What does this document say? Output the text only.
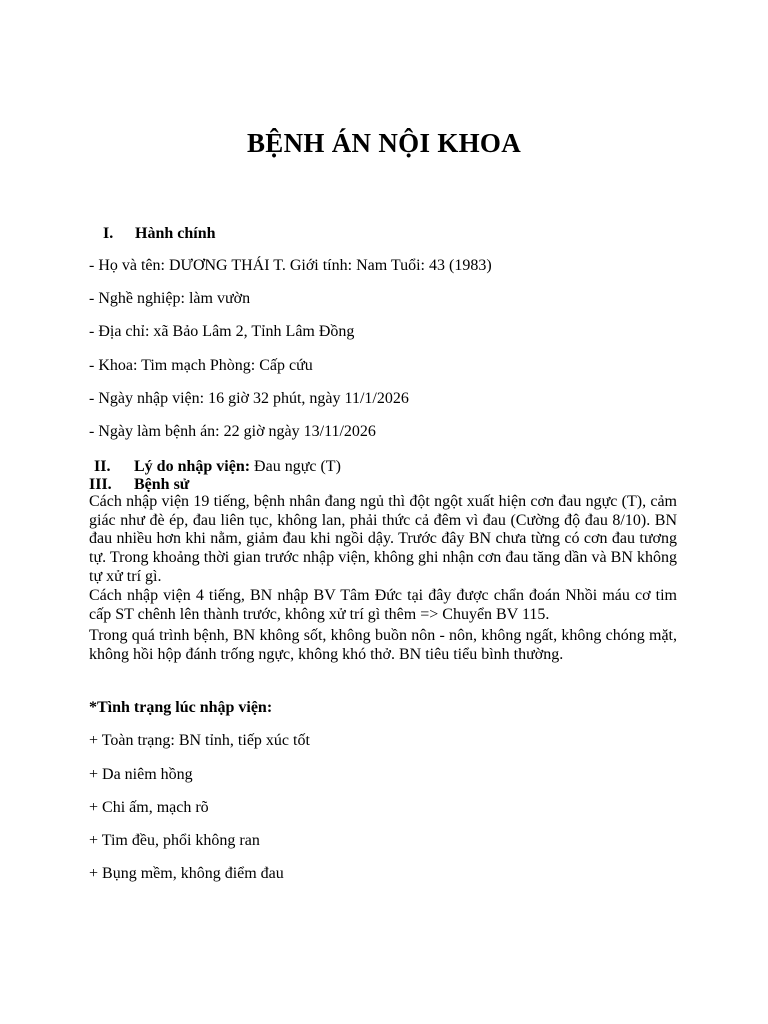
BỆNH ÁN NỘI KHOA
I. Hành chính
- Họ và tên: DƯƠNG THÁI T. Giới tính: Nam Tuổi: 43 (1983)
- Nghề nghiệp: làm vườn
- Địa chỉ: xã Bảo Lâm 2, Tỉnh Lâm Đồng
- Khoa: Tim mạch Phòng: Cấp cứu
- Ngày nhập viện: 16 giờ 32 phút, ngày 11/1/2026
- Ngày làm bệnh án: 22 giờ ngày 13/11/2026
II. Lý do nhập viện: Đau ngực (T)
III. Bệnh sử
Cách nhập viện 19 tiếng, bệnh nhân đang ngủ thì đột ngột xuất hiện cơn đau ngực (T), cảm giác như đè ép, đau liên tục, không lan, phải thức cả đêm vì đau (Cường độ đau 8/10). BN đau nhiều hơn khi nằm, giảm đau khi ngồi dậy. Trước đây BN chưa từng có cơn đau tương tự. Trong khoảng thời gian trước nhập viện, không ghi nhận cơn đau tăng dần và BN không tự xử trí gì.
Cách nhập viện 4 tiếng, BN nhập BV Tâm Đức tại đây được chẩn đoán Nhồi máu cơ tim cấp ST chênh lên thành trước, không xử trí gì thêm => Chuyển BV 115.
Trong quá trình bệnh, BN không sốt, không buồn nôn - nôn, không ngất, không chóng mặt, không hồi hộp đánh trống ngực, không khó thở. BN tiêu tiểu bình thường.
*Tình trạng lúc nhập viện:
+ Toàn trạng: BN tỉnh, tiếp xúc tốt
+ Da niêm hồng
+ Chi ấm, mạch rõ
+ Tim đều, phổi không ran
+ Bụng mềm, không điểm đau
